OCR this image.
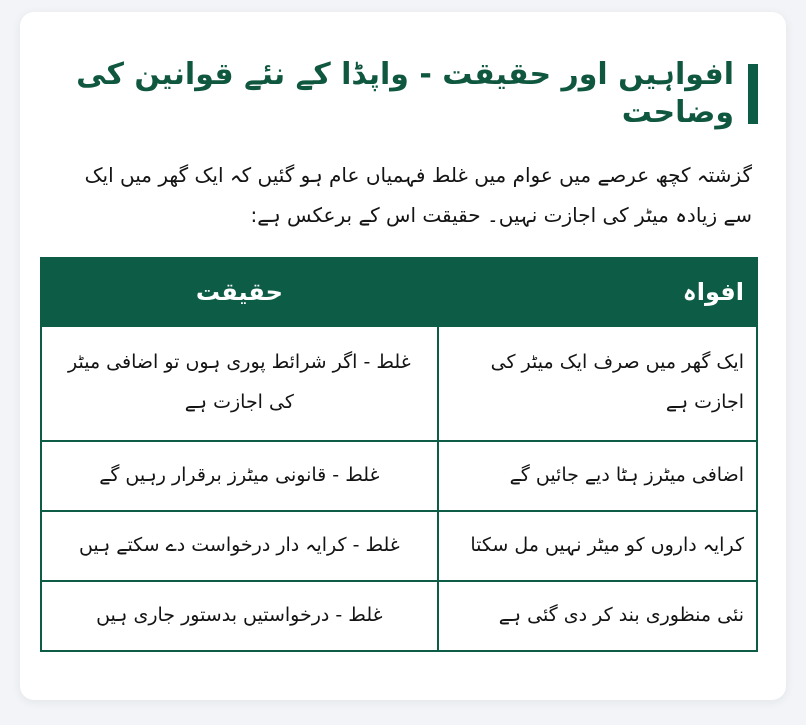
افواہیں اور حقیقت - واپڈا کے نئے قوانین کی وضاحت

گزشتہ کچھ عرصے میں عوام میں غلط فہمیاں عام ہو گئیں کہ ایک گھر میں ایک سے زیادہ میٹر کی اجازت نہیں۔ حقیقت اس کے برعکس ہے:

افواہ	حقیقت
ایک گھر میں صرف ایک میٹر کی اجازت ہے	غلط - اگر شرائط پوری ہوں تو اضافی میٹر کی اجازت ہے
اضافی میٹرز ہٹا دیے جائیں گے	غلط - قانونی میٹرز برقرار رہیں گے
کرایہ داروں کو میٹر نہیں مل سکتا	غلط - کرایہ دار درخواست دے سکتے ہیں
نئی منظوری بند کر دی گئی ہے	غلط - درخواستیں بدستور جاری ہیں
